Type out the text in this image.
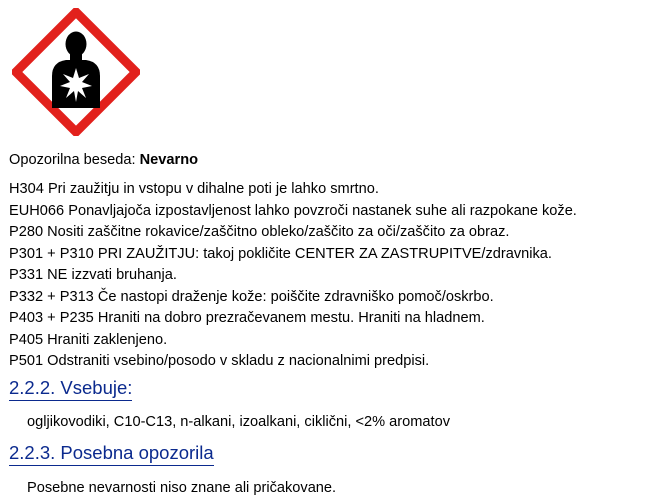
Opozorilna beseda: Nevarno
H304 Pri zaužitju in vstopu v dihalne poti je lahko smrtno.
EUH066 Ponavljajoča izpostavljenost lahko povzroči nastanek suhe ali razpokane kože.
P280 Nositi zaščitne rokavice/zaščitno obleko/zaščito za oči/zaščito za obraz.
P301 + P310 PRI ZAUŽITJU: takoj pokličite CENTER ZA ZASTRUPITVE/zdravnika.
P331 NE izzvati bruhanja.
P332 + P313 Če nastopi draženje kože: poiščite zdravniško pomoč/oskrbo.
P403 + P235 Hraniti na dobro prezračevanem mestu. Hraniti na hladnem.
P405 Hraniti zaklenjeno.
P501 Odstraniti vsebino/posodo v skladu z nacionalnimi predpisi.
2.2.2. Vsebuje:
ogljikovodiki, C10-C13, n-alkani, izoalkani, ciklični, <2% aromatov
2.2.3. Posebna opozorila
Posebne nevarnosti niso znane ali pričakovane.
